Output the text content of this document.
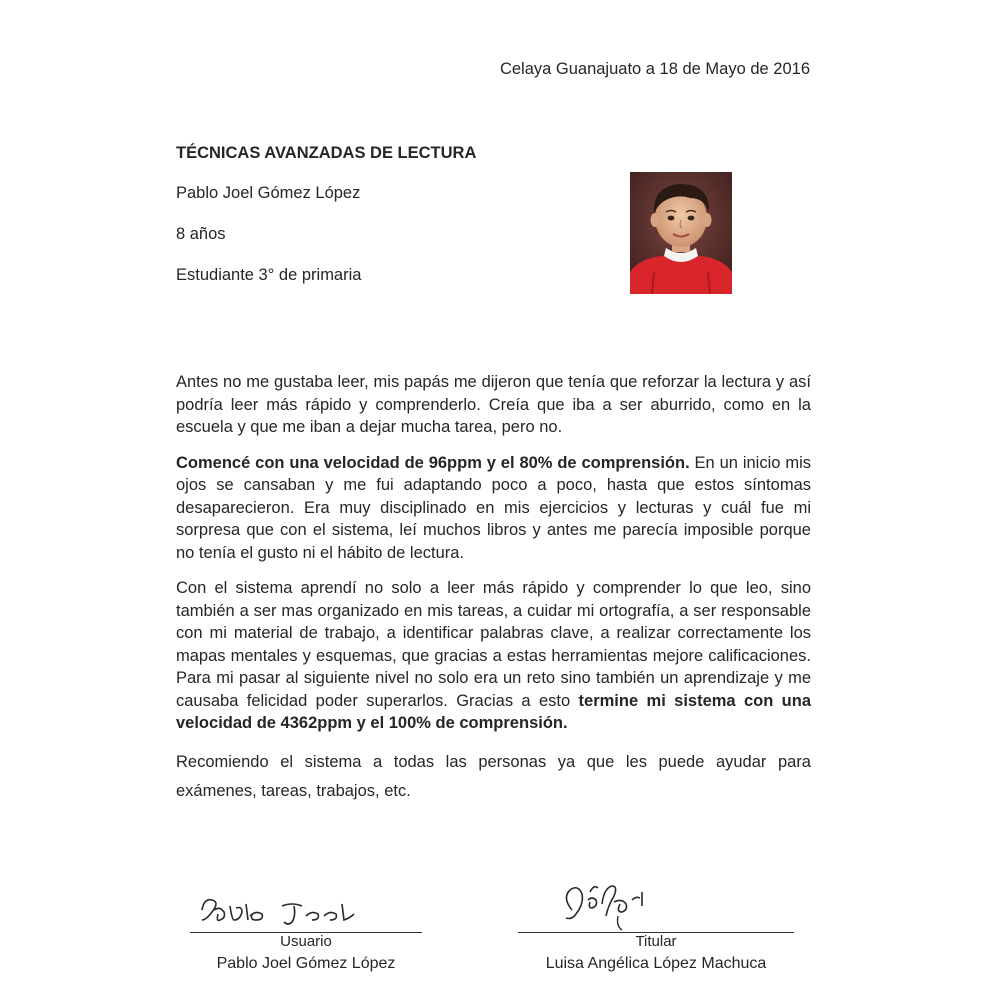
Celaya Guanajuato a 18 de Mayo de 2016
TÉCNICAS AVANZADAS DE LECTURA
Pablo Joel Gómez López
8 años
Estudiante 3° de primaria

Antes no me gustaba leer, mis papás me dijeron que tenía que reforzar la lectura y así podría leer más rápido y comprenderlo. Creía que iba a ser aburrido, como en la escuela y que me iban a dejar mucha tarea, pero no.

Comencé con una velocidad de 96ppm y el 80% de comprensión. En un inicio mis ojos se cansaban y me fui adaptando poco a poco, hasta que estos síntomas desaparecieron. Era muy disciplinado en mis ejercicios y lecturas y cuál fue mi sorpresa que con el sistema, leí muchos libros y antes me parecía imposible porque no tenía el gusto ni el hábito de lectura.

Con el sistema aprendí no solo a leer más rápido y comprender lo que leo, sino también a ser mas organizado en mis tareas, a cuidar mi ortografía, a ser responsable con mi material de trabajo, a identificar palabras clave, a realizar correctamente los mapas mentales y esquemas, que gracias a estas herramientas mejore calificaciones. Para mi pasar al siguiente nivel no solo era un reto sino también un aprendizaje y me causaba felicidad poder superarlos. Gracias a esto termine mi sistema con una velocidad de 4362ppm y el 100% de comprensión.

Recomiendo el sistema a todas las personas ya que les puede ayudar para exámenes, tareas, trabajos, etc.

Usuario
Pablo Joel Gómez López
Titular
Luisa Angélica López Machuca
